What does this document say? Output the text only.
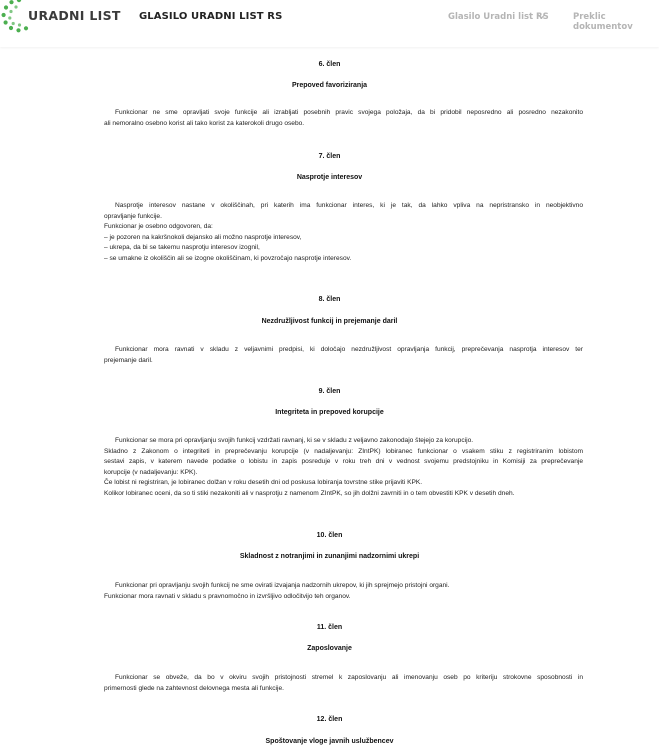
6. člen
Prepoved favoriziranja
Funkcionar ne sme opravljati svoje funkcije ali izrabljati posebnih pravic svojega položaja, da bi pridobil neposredno ali posredno nezakonito
ali nemoralno osebno korist ali tako korist za katerokoli drugo osebo.
7. člen
Nasprotje interesov
Nasprotje interesov nastane v okoliščinah, pri katerih ima funkcionar interes, ki je tak, da lahko vpliva na nepristransko in neobjektivno
opravljanje funkcije.
Funkcionar je osebno odgovoren, da:
– je pozoren na kakršnokoli dejansko ali možno nasprotje interesov,
– ukrepa, da bi se takemu nasprotju interesov izognil,
– se umakne iz okoliščin ali se izogne okoliščinam, ki povzročajo nasprotje interesov.
8. člen
Nezdružljivost funkcij in prejemanje daril
Funkcionar mora ravnati v skladu z veljavnimi predpisi, ki določajo nezdružljivost opravljanja funkcij, preprečevanja nasprotja interesov ter
prejemanje daril.
9. člen
Integriteta in prepoved korupcije
Funkcionar se mora pri opravljanju svojih funkcij vzdržati ravnanj, ki se v skladu z veljavno zakonodajo štejejo za korupcijo.
Skladno z Zakonom o integriteti in preprečevanju korupcije (v nadaljevanju: ZIntPK) lobiranec funkcionar o vsakem stiku z registriranim lobistom
sestavi zapis, v katerem navede podatke o lobistu in zapis posreduje v roku treh dni v vednost svojemu predstojniku in Komisiji za preprečevanje
korupcije (v nadaljevanju: KPK).
Če lobist ni registriran, je lobiranec dolžan v roku desetih dni od poskusa lobiranja tovrstne stike prijaviti KPK.
Kolikor lobiranec oceni, da so ti stiki nezakoniti ali v nasprotju z namenom ZIntPK, so jih dolžni zavrniti in o tem obvestiti KPK v desetih dneh.
10. člen
Skladnost z notranjimi in zunanjimi nadzornimi ukrepi
Funkcionar pri opravljanju svojih funkcij ne sme ovirati izvajanja nadzornih ukrepov, ki jih sprejmejo pristojni organi.
Funkcionar mora ravnati v skladu s pravnomočno in izvršljivo odločitvijo teh organov.
11. člen
Zaposlovanje
Funkcionar se obveže, da bo v okviru svojih pristojnosti stremel k zaposlovanju ali imenovanju oseb po kriteriju strokovne sposobnosti in
primernosti glede na zahtevnost delovnega mesta ali funkcije.
12. člen
Spoštovanje vloge javnih uslužbencev
URADNI LIST GLASILO URADNI LIST RS	Glasilo Uradni list RS	Preklic dokumentov
